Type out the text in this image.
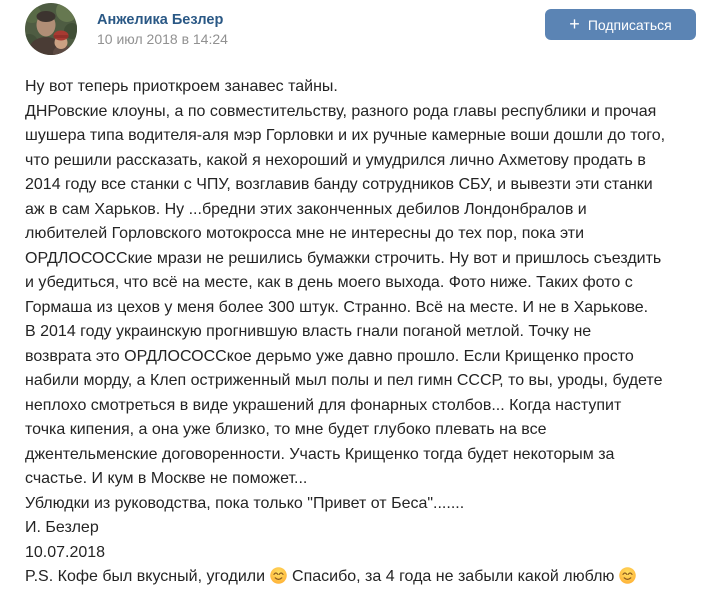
Анжелика Безлер
10 июл 2018 в 14:24
+ Подписаться
Ну вот теперь приоткроем занавес тайны.
ДНРовские клоуны, а по совместительству, разного рода главы республики и прочая
шушера типа водителя-аля мэр Горловки и их ручные камерные воши дошли до того,
что решили рассказать, какой я нехороший и умудрился лично Ахметову продать в
2014 году все станки с ЧПУ, возглавив банду сотрудников СБУ, и вывезти эти станки
аж в сам Харьков. Ну ...бредни этих законченных дебилов Лондонбралов и
любителей Горловского мотокросса мне не интересны до тех пор, пока эти
ОРДЛОСОССкие мрази не решились бумажки строчить. Ну вот и пришлось съездить
и убедиться, что всё на месте, как в день моего выхода. Фото ниже. Таких фото с
Гормаша из цехов у меня более 300 штук. Странно. Всё на месте. И не в Харькове.
В 2014 году украинскую прогнившую власть гнали поганой метлой. Точку не
возврата это ОРДЛОСОССкое дерьмо уже давно прошло. Если Крищенко просто
набили морду, а Клеп остриженный мыл полы и пел гимн СССР, то вы, уроды, будете
неплохо смотреться в виде украшений для фонарных столбов... Когда наступит
точка кипения, а она уже близко, то мне будет глубоко плевать на все
джентельменские договоренности. Участь Крищенко тогда будет некоторым за
счастье. И кум в Москве не поможет...
Ублюдки из руководства, пока только "Привет от Беса".......
И. Безлер
10.07.2018
P.S. Кофе был вкусный, угодили Спасибо, за 4 года не забыли какой люблю
